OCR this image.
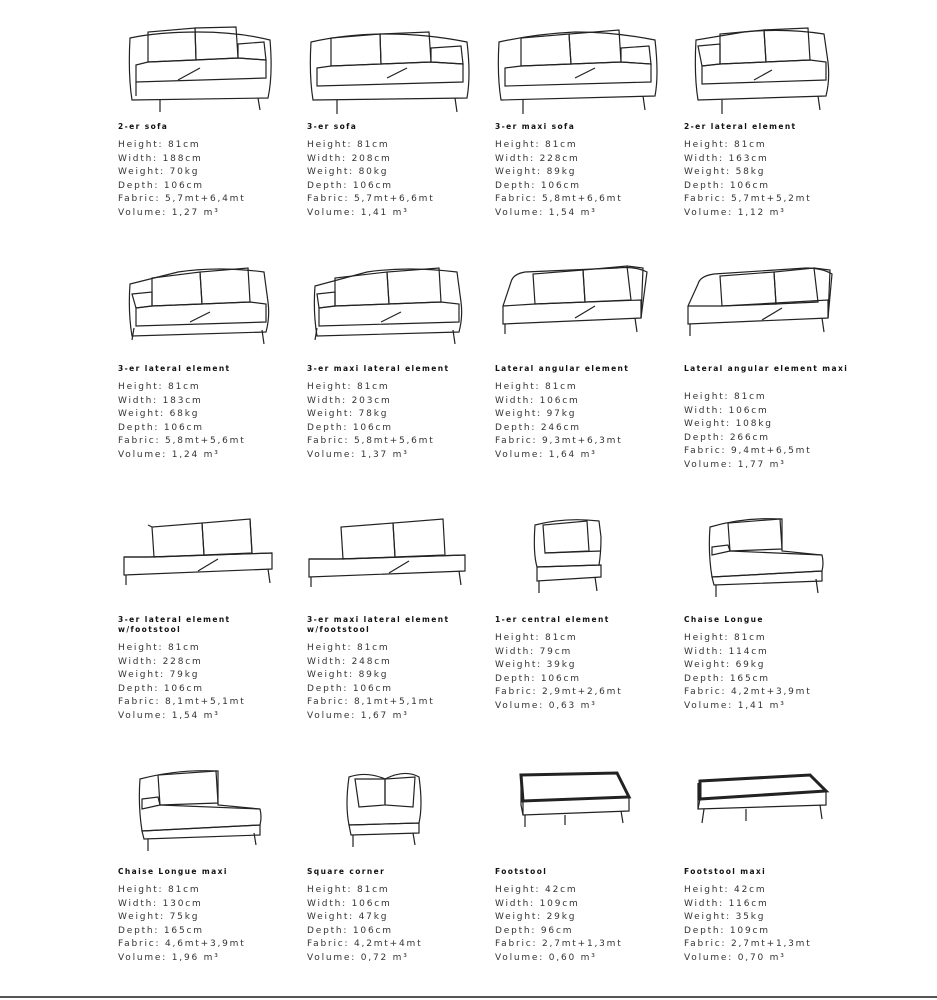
2-er sofa
Height: 81cm
Width: 188cm
Weight: 70kg
Depth: 106cm
Fabric: 5,7mt+6,4mt
Volume: 1,27 m³
3-er sofa
Height: 81cm
Width: 208cm
Weight: 80kg
Depth: 106cm
Fabric: 5,7mt+6,6mt
Volume: 1,41 m³
3-er maxi sofa
Height: 81cm
Width: 228cm
Weight: 89kg
Depth: 106cm
Fabric: 5,8mt+6,6mt
Volume: 1,54 m³
2-er lateral element
Height: 81cm
Width: 163cm
Weight: 58kg
Depth: 106cm
Fabric: 5,7mt+5,2mt
Volume: 1,12 m³
3-er lateral element
Height: 81cm
Width: 183cm
Weight: 68kg
Depth: 106cm
Fabric: 5,8mt+5,6mt
Volume: 1,24 m³
3-er maxi lateral element
Height: 81cm
Width: 203cm
Weight: 78kg
Depth: 106cm
Fabric: 5,8mt+5,6mt
Volume: 1,37 m³
Lateral angular element
Height: 81cm
Width: 106cm
Weight: 97kg
Depth: 246cm
Fabric: 9,3mt+6,3mt
Volume: 1,64 m³
Lateral angular element maxi
Height: 81cm
Width: 106cm
Weight: 108kg
Depth: 266cm
Fabric: 9,4mt+6,5mt
Volume: 1,77 m³
3-er lateral element w/footstool
Height: 81cm
Width: 228cm
Weight: 79kg
Depth: 106cm
Fabric: 8,1mt+5,1mt
Volume: 1,54 m³
3-er maxi lateral element w/footstool
Height: 81cm
Width: 248cm
Weight: 89kg
Depth: 106cm
Fabric: 8,1mt+5,1mt
Volume: 1,67 m³
1-er central element
Height: 81cm
Width: 79cm
Weight: 39kg
Depth: 106cm
Fabric: 2,9mt+2,6mt
Volume: 0,63 m³
Chaise Longue
Height: 81cm
Width: 114cm
Weight: 69kg
Depth: 165cm
Fabric: 4,2mt+3,9mt
Volume: 1,41 m³
Chaise Longue maxi
Height: 81cm
Width: 130cm
Weight: 75kg
Depth: 165cm
Fabric: 4,6mt+3,9mt
Volume: 1,96 m³
Square corner
Height: 81cm
Width: 106cm
Weight: 47kg
Depth: 106cm
Fabric: 4,2mt+4mt
Volume: 0,72 m³
Footstool
Height: 42cm
Width: 109cm
Weight: 29kg
Depth: 96cm
Fabric: 2,7mt+1,3mt
Volume: 0,60 m³
Footstool maxi
Height: 42cm
Width: 116cm
Weight: 35kg
Depth: 109cm
Fabric: 2,7mt+1,3mt
Volume: 0,70 m³
